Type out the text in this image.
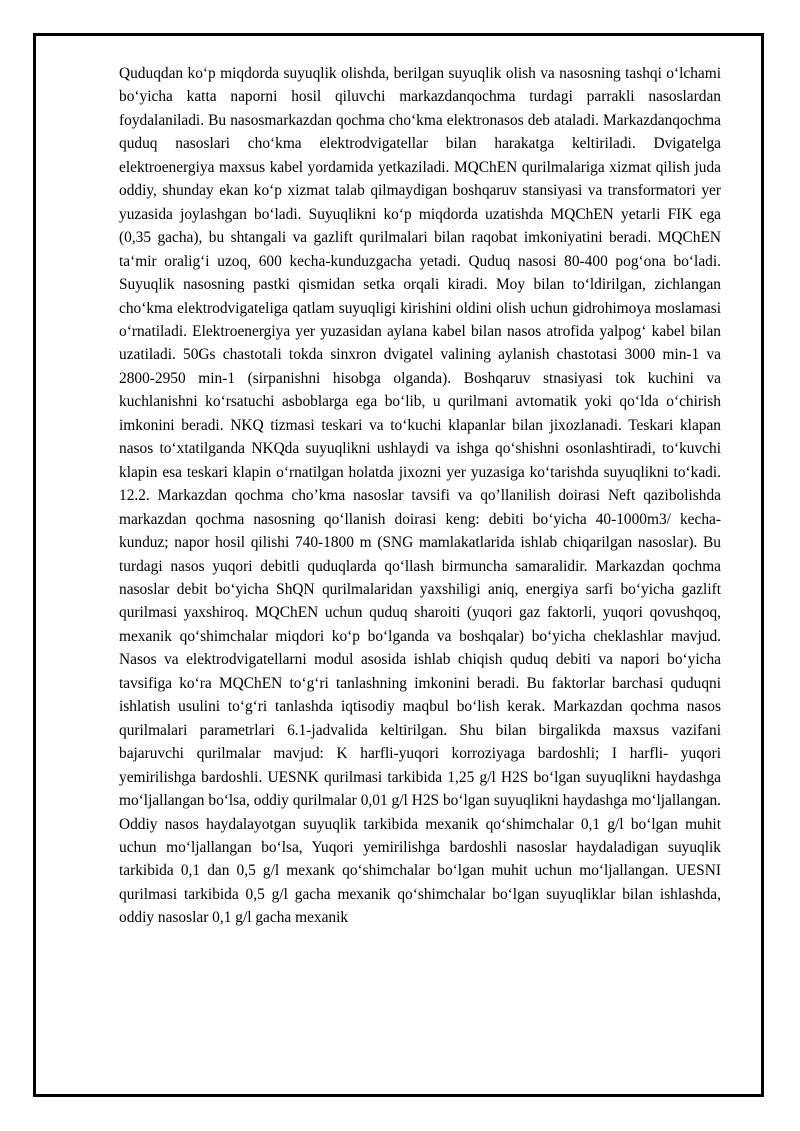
Quduqdan koʻp miqdorda suyuqlik olishda, berilgan suyuqlik olish va nasosning tashqi oʻlchami boʻyicha katta naporni hosil qiluvchi markazdanqochma turdagi parrakli nasoslardan foydalaniladi. Bu nasosmarkazdan qochma choʻkma elektronasos deb ataladi. Markazdanqochma quduq nasoslari choʻkma elektrodvigatellar bilan harakatga keltiriladi. Dvigatelga elektroenergiya maxsus kabel yordamida yetkaziladi. MQChEN qurilmalariga xizmat qilish juda oddiy, shunday ekan koʻp xizmat talab qilmaydigan boshqaruv stansiyasi va transformatori yer yuzasida joylashgan boʻladi. Suyuqlikni koʻp miqdorda uzatishda MQChEN yetarli FIK ega (0,35 gacha), bu shtangali va gazlift qurilmalari bilan raqobat imkoniyatini beradi. MQChEN taʻmir oraligʻi uzoq, 600 kecha-kunduzgacha yetadi. Quduq nasosi 80-400 pogʻona boʻladi. Suyuqlik nasosning pastki qismidan setka orqali kiradi. Moy bilan toʻldirilgan, zichlangan choʻkma elektrodvigateliga qatlam suyuqligi kirishini oldini olish uchun gidrohimoya moslamasi oʻrnatiladi. Elektroenergiya yer yuzasidan aylana kabel bilan nasos atrofida yalpogʻ kabel bilan uzatiladi. 50Gs chastotali tokda sinxron dvigatel valining aylanish chastotasi 3000 min-1 va 2800-2950 min-1 (sirpanishni hisobga olganda). Boshqaruv stnasiyasi tok kuchini va kuchlanishni koʻrsatuchi asboblarga ega boʻlib, u qurilmani avtomatik yoki qoʻlda oʻchirish imkonini beradi. NKQ tizmasi teskari va toʻkuchi klapanlar bilan jixozlanadi. Teskari klapan nasos toʻxtatilganda NKQda suyuqlikni ushlaydi va ishga qoʻshishni osonlashtiradi, toʻkuvchi klapin esa teskari klapin oʻrnatilgan holatda jixozni yer yuzasiga koʻtarishda suyuqlikni toʻkadi. 12.2. Markazdan qochma cho’kma nasoslar tavsifi va qo’llanilish doirasi Neft qazibolishda markazdan qochma nasosning qoʻllanish doirasi keng: debiti boʻyicha 40-1000m3/ kecha-kunduz; napor hosil qilishi 740-1800 m (SNG mamlakatlarida ishlab chiqarilgan nasoslar). Bu turdagi nasos yuqori debitli quduqlarda qoʻllash birmuncha samaralidir. Markazdan qochma nasoslar debit boʻyicha ShQN qurilmalaridan yaxshiligi aniq, energiya sarfi boʻyicha gazlift qurilmasi yaxshiroq. MQChEN uchun quduq sharoiti (yuqori gaz faktorli, yuqori qovushqoq, mexanik qoʻshimchalar miqdori koʻp boʻlganda va boshqalar) boʻyicha cheklashlar mavjud. Nasos va elektrodvigatellarni modul asosida ishlab chiqish quduq debiti va napori boʻyicha tavsifiga koʻra MQChEN toʻgʻri tanlashning imkonini beradi. Bu faktorlar barchasi quduqni ishlatish usulini toʻgʻri tanlashda iqtisodiy maqbul boʻlish kerak. Markazdan qochma nasos qurilmalari parametrlari 6.1-jadvalida keltirilgan. Shu bilan birgalikda maxsus vazifani bajaruvchi qurilmalar mavjud: K harfli-yuqori korroziyaga bardoshli; I harfli- yuqori yemirilishga bardoshli. UESNK qurilmasi tarkibida 1,25 g/l H2S boʻlgan suyuqlikni haydashga moʻljallangan boʻlsa, oddiy qurilmalar 0,01 g/l H2S boʻlgan suyuqlikni haydashga moʻljallangan. Oddiy nasos haydalayotgan suyuqlik tarkibida mexanik qoʻshimchalar 0,1 g/l boʻlgan muhit uchun moʻljallangan boʻlsa, Yuqori yemirilishga bardoshli nasoslar haydaladigan suyuqlik tarkibida 0,1 dan 0,5 g/l mexank qoʻshimchalar boʻlgan muhit uchun moʻljallangan. UESNI qurilmasi tarkibida 0,5 g/l gacha mexanik qoʻshimchalar boʻlgan suyuqliklar bilan ishlashda, oddiy nasoslar 0,1 g/l gacha mexanik
